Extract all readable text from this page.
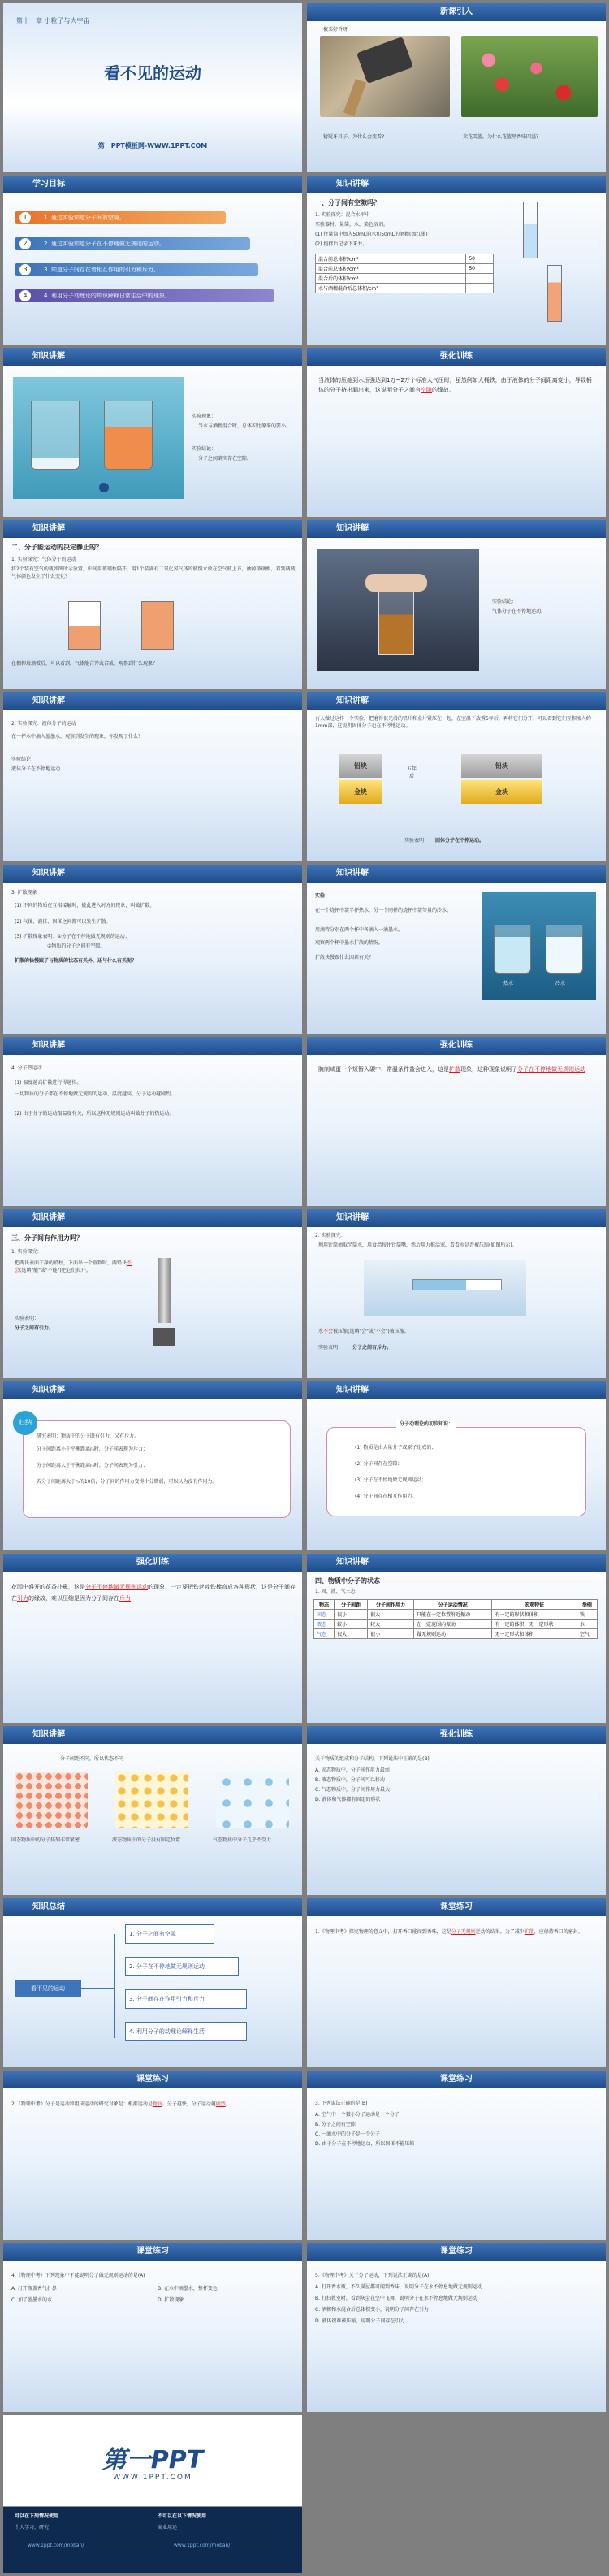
第十一章 小粒子与大宇宙
看不见的运动
第一PPT模板网-WWW.1PPT.COM
新课引入
椒菜好香呀
猜疑牙具子，为什么会变看?	卖花雪篮，为什么花篮里香味四溢?
学习目标
1	1. 通过实验知道分子间有空隙。
2	2. 通过实验知道分子在不停地做无规则的运动。
3	3. 知道分子间存在着相互作用的引力和斥力。
4	4. 利用分子动理论的知识解释日常生活中的现象。
知识讲解
一、分子间有空隙吗？
1. 实验探究：混合水平中
实验器材：量筒，水，染色溶剂。
(1) 往量筒中加入50mL的水和50mL的酒精(加红墨)
(2) 搅拌后记录下来并。
混合前总体积/cm³	50
混合前总体积/cm³	50
混合后的体积/cm³	
水与酒精混合后总体积/cm³	
知识讲解
实验现象：
当水与酒精混合时，总体积比原来的要小。
实验结论：
分子之间确实存在空隙。
强化训练
当液体的压缩到水压强达到1万~2万个标准大气压时，虽然例如大桶铁，由于液体的分子间距离变小，导致桶体的分子挤出漏出来，这说明分子之间有空隙的缘故。
知识讲解
二、分子能运动的决定静止的？
1. 实验探究：气体分子的运动
将2个装有空气的瓶如图所示放置，中间用玻璃板隔开。用1个装满有二氧化氮气体的瓶倒立放在空气瓶上方，抽掉玻璃板，看到两瓶气体颜色发生了什么变化？
在抽掉玻璃板后，可以看到，气体能合并或合成，观察到什么现象？
知识讲解
实验结论：
气体分子在不停地运动。
知识讲解
2. 实验探究：液体分子的运动
在一杯水中滴入蓝墨水，观察到发生的现象，你发现了什么？
实验结论：
液体分子在不停地运动
知识讲解
有人做过这样一个实验，把磨得很光滑的铅片和金片紧压在一起，在室温下放置5年后，再将它们分开，可以看到它们互相渗入约1mm深，这说明固体分子也在不停地运动。
铅块
金块
五年后
铅块
金块
实验表明： 固体分子在不停运动。
知识讲解
3. 扩散现象
(1) 不同的物质在互相接触时，彼此进入对方的现象，叫做扩散。
(2) 气体、液体、固体之间都可以发生扩散。
(3) 扩散现象表明：①分子在不停地做无规则的运动；
②物质的分子之间有空隙。
扩散的快慢跟了与物质的状态有关外，还与什么有关呢？
知识讲解
实验：
在一个烧杯中装半杯热水，另一个同样的烧杯中装等量的冷水。
用滴管分别在两个杯中各滴入一滴墨水。
观察两个杯中墨水扩散的情况。
扩散快慢跟什么因素有关？
热水	冷水
知识讲解
4. 分子热运动
(1) 温度越高扩散进行得越快。
一切物质的分子都在不停地做无规则的运动，温度越高，分子运动越剧烈。
(2) 由于分子的运动跟温度有关，所以这种无规则运动叫做分子的热运动。
强化训练
腌制咸蛋一个短暂入碳中，常温条件盐会进入，这是扩散现象，这种现象说明了分子在不停地做无规则运动
知识讲解
三、分子间有作用力吗？
1. 实验探究：
把两块表面干净的铅柱，下面吊一个重物时，两铅块不会(选填"能"或"不能")把它们拉开。
实验表明：
分子之间有引力。
知识讲解
2. 实验探究：
利用针筒抽取半筒水，用食指按住针筒嘴，然后用力推活塞，看看水是否被压缩(如图所示)。
水不会被压缩(选填"会"或"不会")被压缩。
实验表明： 分子之间有斥力。
知识讲解
研究表明：物质中的分子既有引力，又有斥力。
分子间距离小于平衡距离r₀时，分子间表现为斥力；
分子间距离大于平衡距离r₀时，分子间表现为引力；
若分子间距离大于r₀的10倍，分子间的作用力变得十分微弱，可以认为没有作用力。
归纳
知识讲解
(1) 物质是由大量分子或原子组成的；
(2) 分子间存在空隙；
(3) 分子在不停地做无规则运动；
(4) 分子间存在相互作用力。
分子动理论的初步知识：
强化训练
花园中盛开的花香扑鼻，这是分子不停地做无规则运动的现象，一定要把铁丝或铁棒弯成各种形状，这是分子间存在引力的缘故，难以压缩是因为分子间存在斥力
知识讲解
四、物质中分子的状态
1. 固、液、气三态
物态	分子间距	分子间作用力	分子运动情况	宏观特征	举例
固态	很小	很大	只能在一定位置附近振动	有一定的形状和体积	铁
液态	较小	较大	在一定范围内振动	有一定的体积，无一定形状	水
气态	很大	很小	做无规则运动	无一定形状和体积	空气
知识讲解
分子间距不同，所以状态不同
固态物质中的分子排列非常紧密	液态物质中的分子没有固定位置	气态物质中分子几乎不受力
强化训练
关于物质的组成和分子结构，下列说法中正确的是(B)
A. 固态物质中，分子间作用力最弱
B. 液态物质中，分子间可以移动
C. 气态物质中，分子间作用力最大
D. 液体和气体都有固定的形状
知识总结
看不见的运动
1. 分子之间有空隙
2. 分子在不停地做无规则运动
3. 分子间存在作用引力和斥力
4. 利用分子的动理论解释生活
课堂练习
1.《物理中考》探究物理的意义中，打开香口能闻到香味，这是分子无规则运动的结果。为了减少扩散，应保持香口的密封。
课堂练习
2.《物理中考》分子是运动和组成运动的研究对象是：根据运动是物质。分子越快，分子运动越剧烈。
课堂练习
3. 下列说法正确的是(B)
A. 空气中一个微小分子运动是一个分子
B. 分子之间有空隙
C. 一滴水中的分子是一个分子
D. 由于分子在不停地运动，所以固体不能压缩
课堂练习
4.《物理中考》下列现象中不能说明分子做无规则运动的是(A)
A. 打开瓶盖香气扑鼻	B. 在水中滴墨水，整杯变色
C. 加了蓝墨水的水	D. 扩散现象
课堂练习
5.《物理中考》关于分子运动，下列说法正确的是(A)
A. 打开香水瓶，不久满屋都可闻到香味，说明分子在永不停息地做无规则运动
B. 打扫教室时，看到灰尘在空中飞舞，说明分子在永不停息地做无规则运动
C. 酒精和水混合后总体积变小，说明分子间存在引力
D. 液体很难被压缩，说明分子间存在引力
第一PPT
WWW.1PPT.COM
可以在下列情况使用	不可以在以下情况使用
个人学习、研究	商业用途
www.1ppt.com/moban/	www.1ppt.com/moban/
